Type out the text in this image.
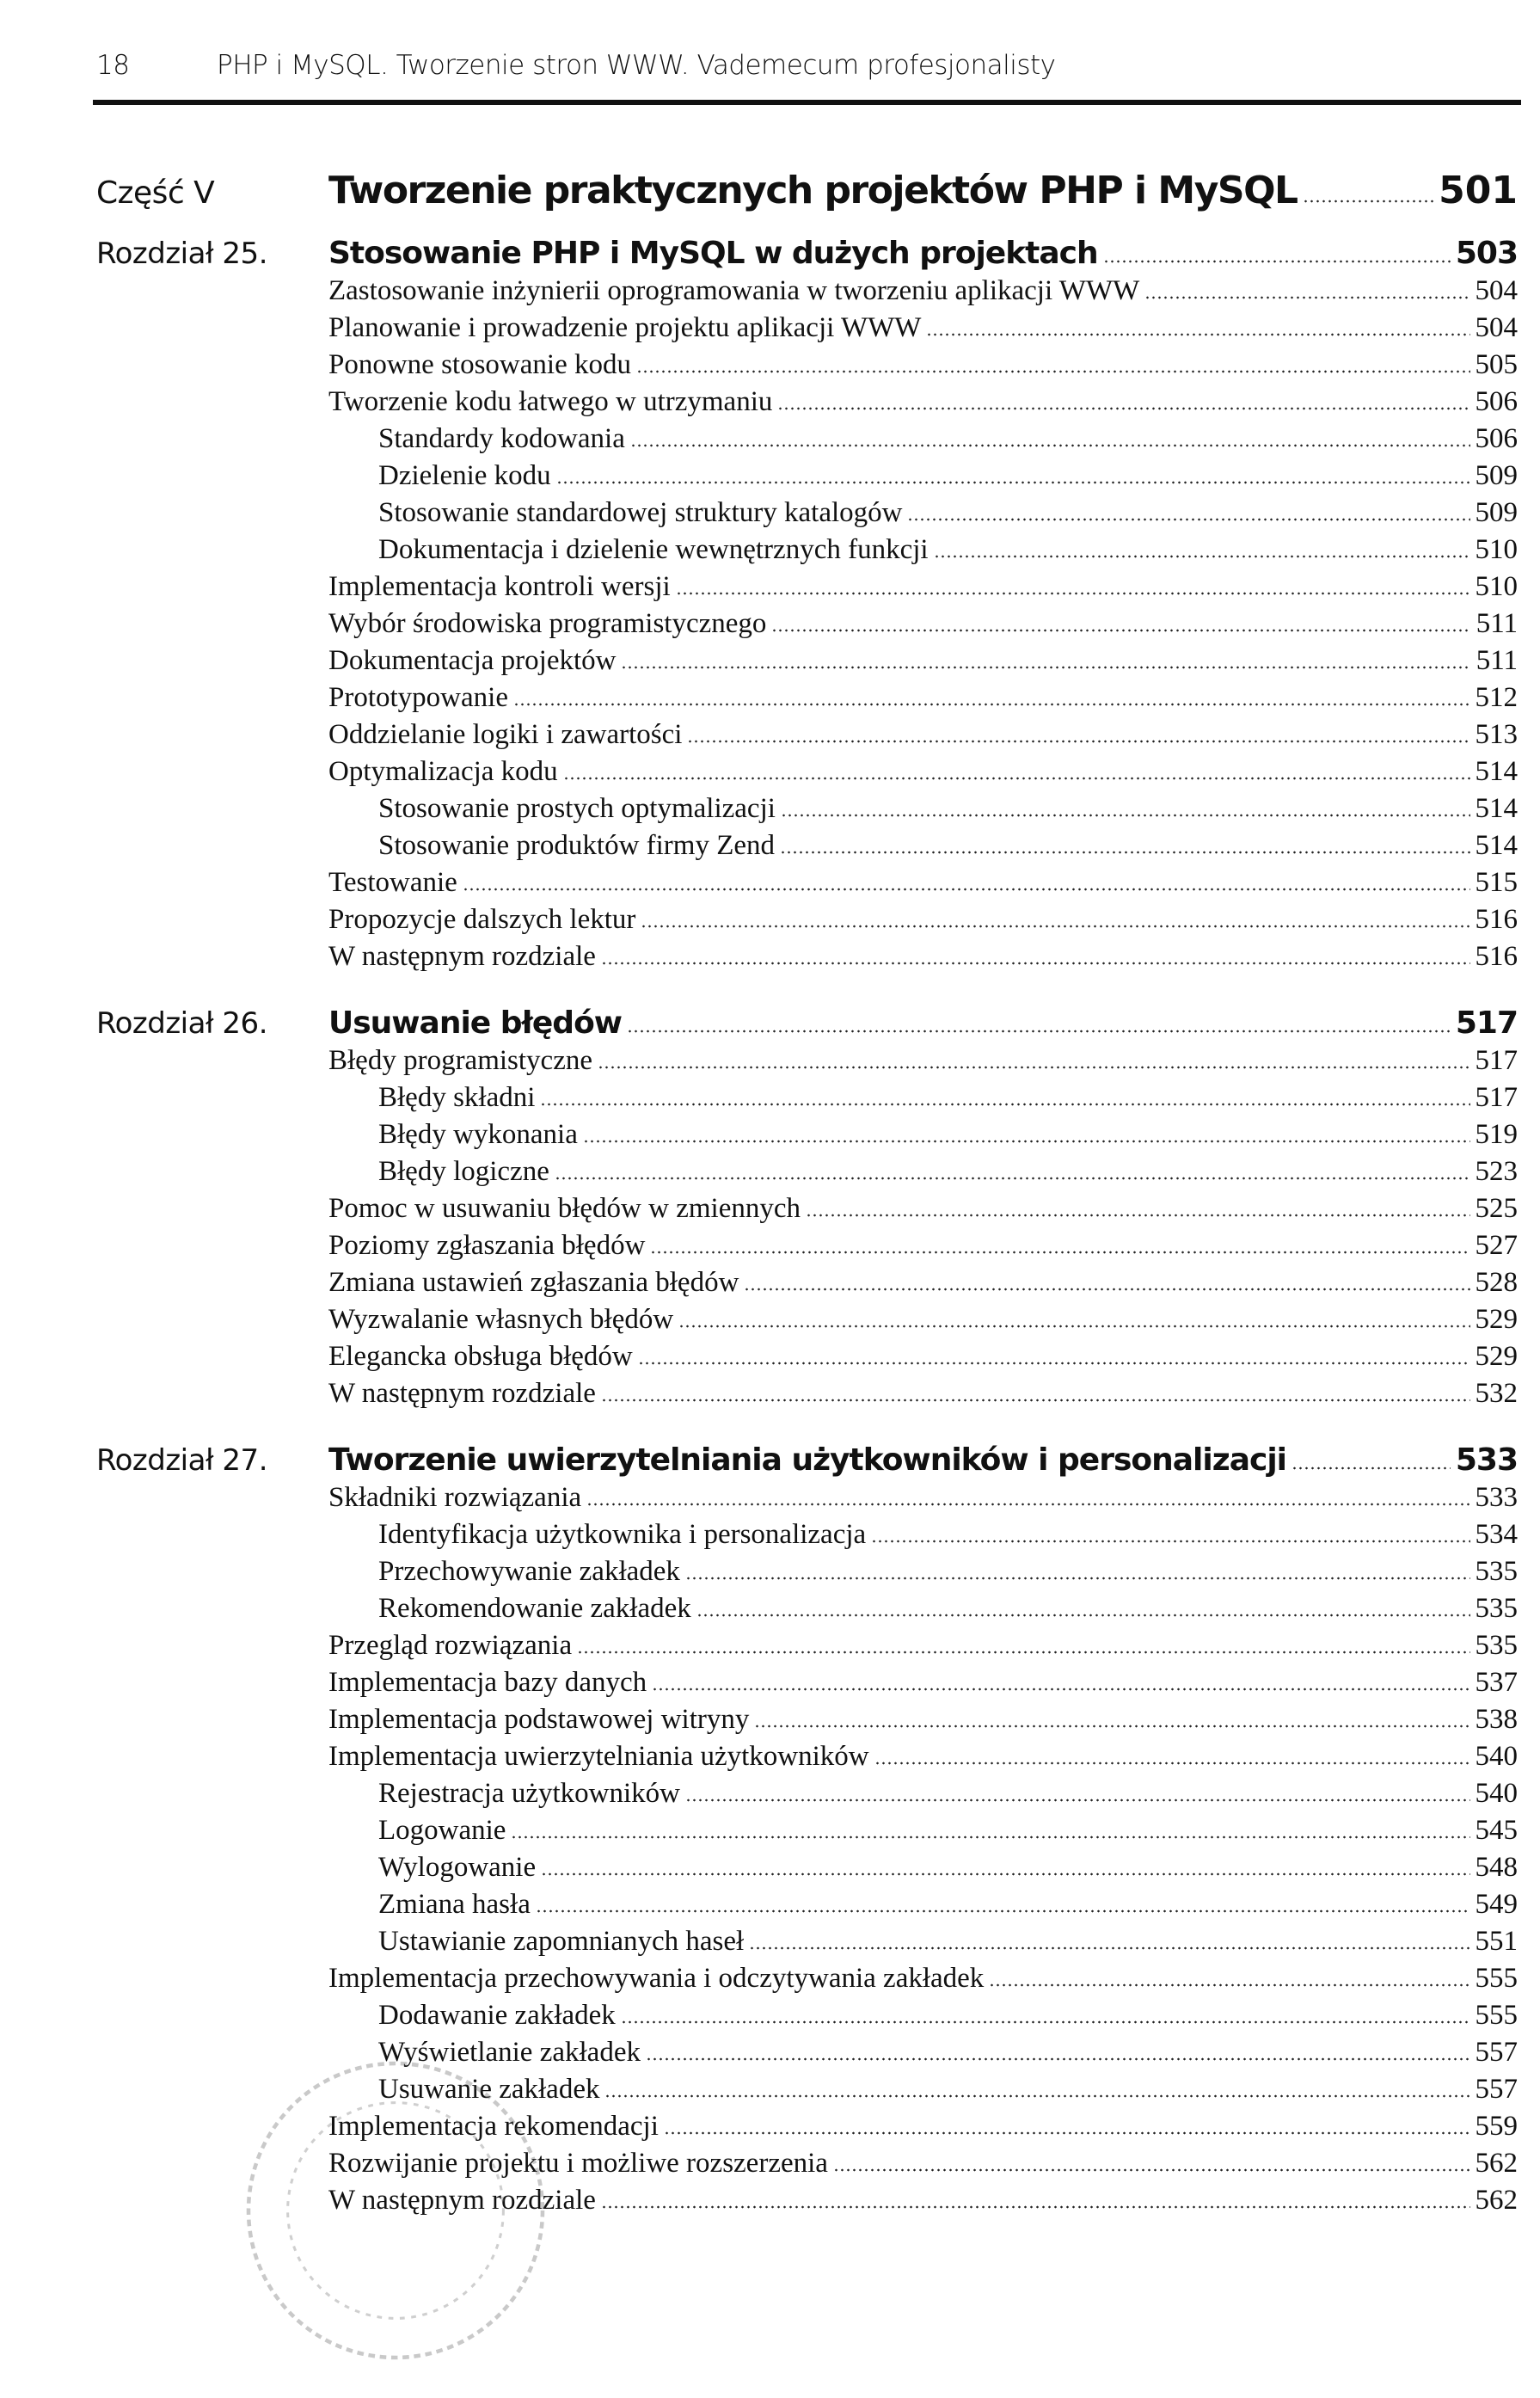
18	PHP i MySQL. Tworzenie stron WWW. Vademecum profesjonalisty
Część V	Tworzenie praktycznych projektów PHP i MySQL	501
Rozdział 25.	Stosowanie PHP i MySQL w dużych projektach	503
Zastosowanie inżynierii oprogramowania w tworzeniu aplikacji WWW	504
Planowanie i prowadzenie projektu aplikacji WWW	504
Ponowne stosowanie kodu	505
Tworzenie kodu łatwego w utrzymaniu	506
Standardy kodowania	506
Dzielenie kodu	509
Stosowanie standardowej struktury katalogów	509
Dokumentacja i dzielenie wewnętrznych funkcji	510
Implementacja kontroli wersji	510
Wybór środowiska programistycznego	511
Dokumentacja projektów	511
Prototypowanie	512
Oddzielanie logiki i zawartości	513
Optymalizacja kodu	514
Stosowanie prostych optymalizacji	514
Stosowanie produktów firmy Zend	514
Testowanie	515
Propozycje dalszych lektur	516
W następnym rozdziale	516
Rozdział 26.	Usuwanie błędów	517
Błędy programistyczne	517
Błędy składni	517
Błędy wykonania	519
Błędy logiczne	523
Pomoc w usuwaniu błędów w zmiennych	525
Poziomy zgłaszania błędów	527
Zmiana ustawień zgłaszania błędów	528
Wyzwalanie własnych błędów	529
Elegancka obsługa błędów	529
W następnym rozdziale	532
Rozdział 27.	Tworzenie uwierzytelniania użytkowników i personalizacji	533
Składniki rozwiązania	533
Identyfikacja użytkownika i personalizacja	534
Przechowywanie zakładek	535
Rekomendowanie zakładek	535
Przegląd rozwiązania	535
Implementacja bazy danych	537
Implementacja podstawowej witryny	538
Implementacja uwierzytelniania użytkowników	540
Rejestracja użytkowników	540
Logowanie	545
Wylogowanie	548
Zmiana hasła	549
Ustawianie zapomnianych haseł	551
Implementacja przechowywania i odczytywania zakładek	555
Dodawanie zakładek	555
Wyświetlanie zakładek	557
Usuwanie zakładek	557
Implementacja rekomendacji	559
Rozwijanie projektu i możliwe rozszerzenia	562
W następnym rozdziale	562
